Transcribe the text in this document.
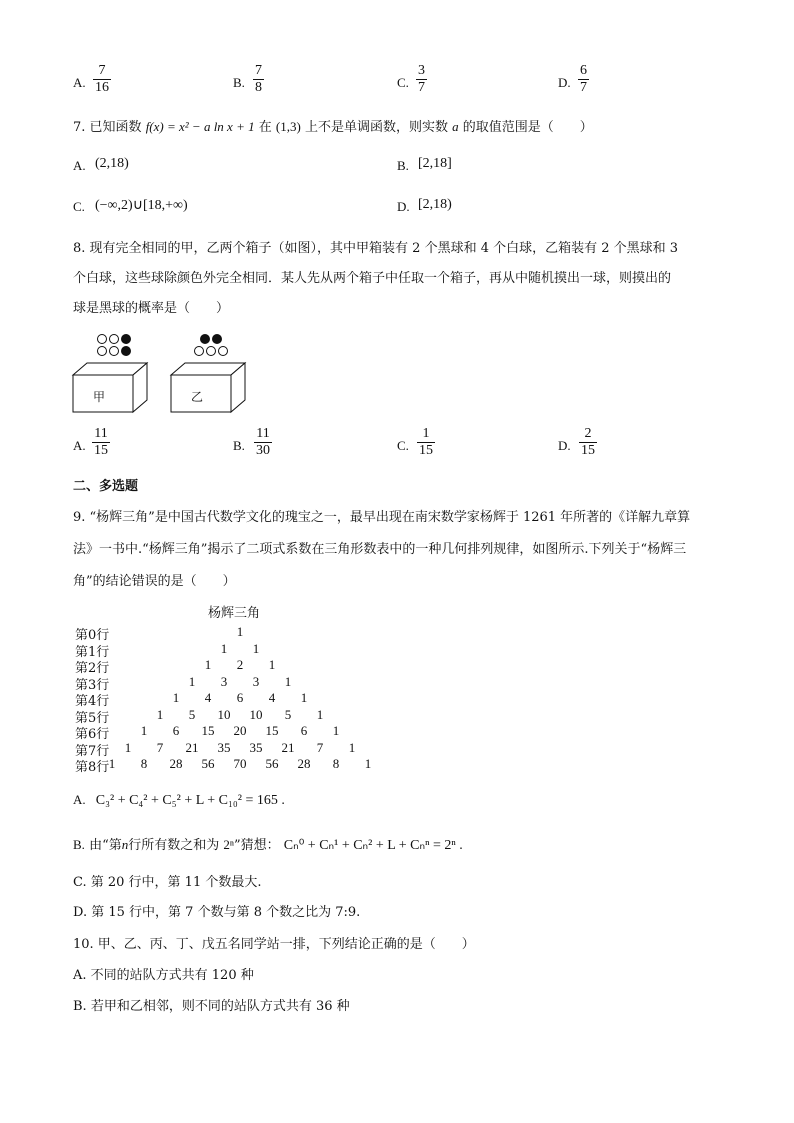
A. $\frac{7}{16}$	B. $\frac{7}{8}$	C. $\frac{3}{7}$	D. $\frac{6}{7}$
7. 已知函数 f(x) = x² − a ln x + 1 在 (1,3) 上不是单调函数，则实数 a 的取值范围是（　　）
A. (2,18)	B. [2,18]
C. (−∞,2)∪[18,+∞)	D. [2,18)
8. 现有完全相同的甲，乙两个箱子（如图），其中甲箱装有 2 个黑球和 4 个白球，乙箱装有 2 个黑球和 3
个白球，这些球除颜色外完全相同．某人先从两个箱子中任取一个箱子，再从中随机摸出一球，则摸出的
球是黑球的概率是（　　）
甲	乙
A. $\frac{11}{15}$	B. $\frac{11}{30}$	C. $\frac{1}{15}$	D. $\frac{2}{15}$
二、多选题
9. “杨辉三角”是中国古代数学文化的瑰宝之一，最早出现在南宋数学家杨辉于 1261 年所著的《详解九章算
法》一书中.“杨辉三角”揭示了二项式系数在三角形数表中的一种几何排列规律，如图所示.下列关于“杨辉三
角”的结论错误的是（　　）
杨辉三角
第0行	1
第1行	1	1
第2行	1	2	1
第3行	1	3	3	1
第4行	1	4	6	4	1
第5行	1	5	10 10	5	1
第6行	1	6	15 20 15	6	1
第7行	1	7	21 35 35 21	7	1
第8行 1	8	28 56 70 56 28	8	1
A. C₃² + C₄² + C₅² + L + C₁₀² = 165 .
B. 由“第n行所有数之和为 2ⁿ”猜想： Cₙ⁰ + Cₙ¹ + Cₙ² + L + Cₙⁿ = 2ⁿ .
C. 第 20 行中，第 11 个数最大.
D. 第 15 行中，第 7 个数与第 8 个数之比为 7:9.
10. 甲、乙、丙、丁、戊五名同学站一排，下列结论正确的是（　　）
A. 不同的站队方式共有 120 种
B. 若甲和乙相邻，则不同的站队方式共有 36 种
